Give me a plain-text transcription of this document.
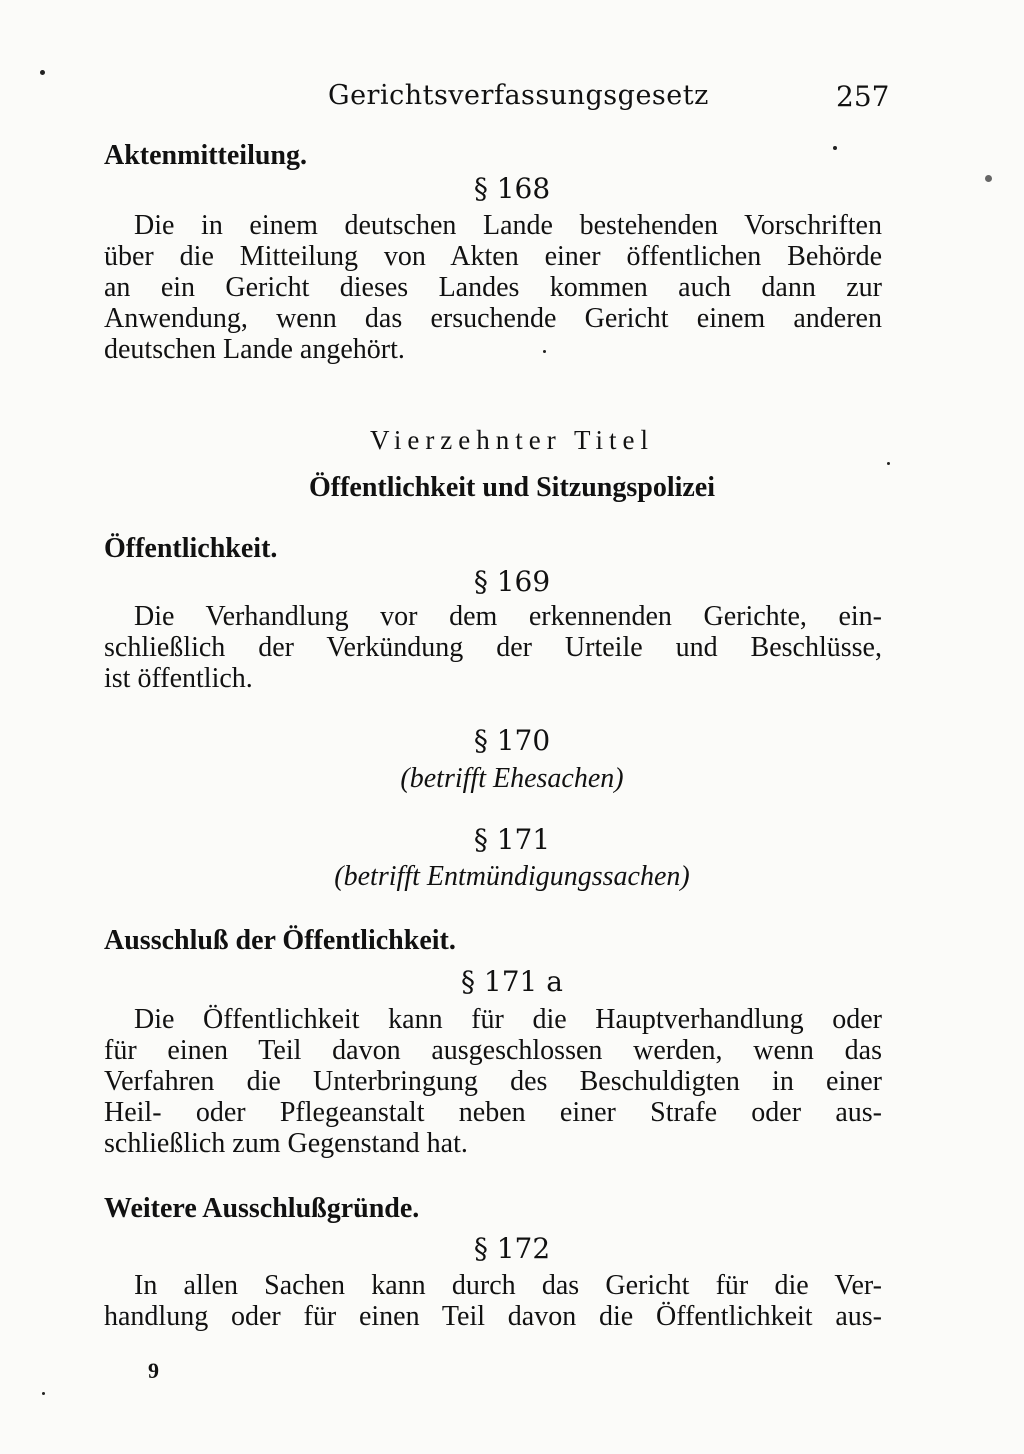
Gerichtsverfassungsgesetz	257
Aktenmitteilung.
§ 168
Die in einem deutschen Lande bestehenden Vorschriften
über die Mitteilung von Akten einer öffentlichen Behörde
an ein Gericht dieses Landes kommen auch dann zur
Anwendung, wenn das ersuchende Gericht einem anderen
deutschen Lande angehört.
Vierzehnter Titel
Öffentlichkeit und Sitzungspolizei
Öffentlichkeit.
§ 169
Die Verhandlung vor dem erkennenden Gerichte, ein-
schließlich der Verkündung der Urteile und Beschlüsse,
ist öffentlich.
§ 170
(betrifft Ehesachen)
§ 171
(betrifft Entmündigungssachen)
Ausschluß der Öffentlichkeit.
§ 171 a
Die Öffentlichkeit kann für die Hauptverhandlung oder
für einen Teil davon ausgeschlossen werden, wenn das
Verfahren die Unterbringung des Beschuldigten in einer
Heil- oder Pflegeanstalt neben einer Strafe oder aus-
schließlich zum Gegenstand hat.
Weitere Ausschlußgründe.
§ 172
In allen Sachen kann durch das Gericht für die Ver-
handlung oder für einen Teil davon die Öffentlichkeit aus-
9
